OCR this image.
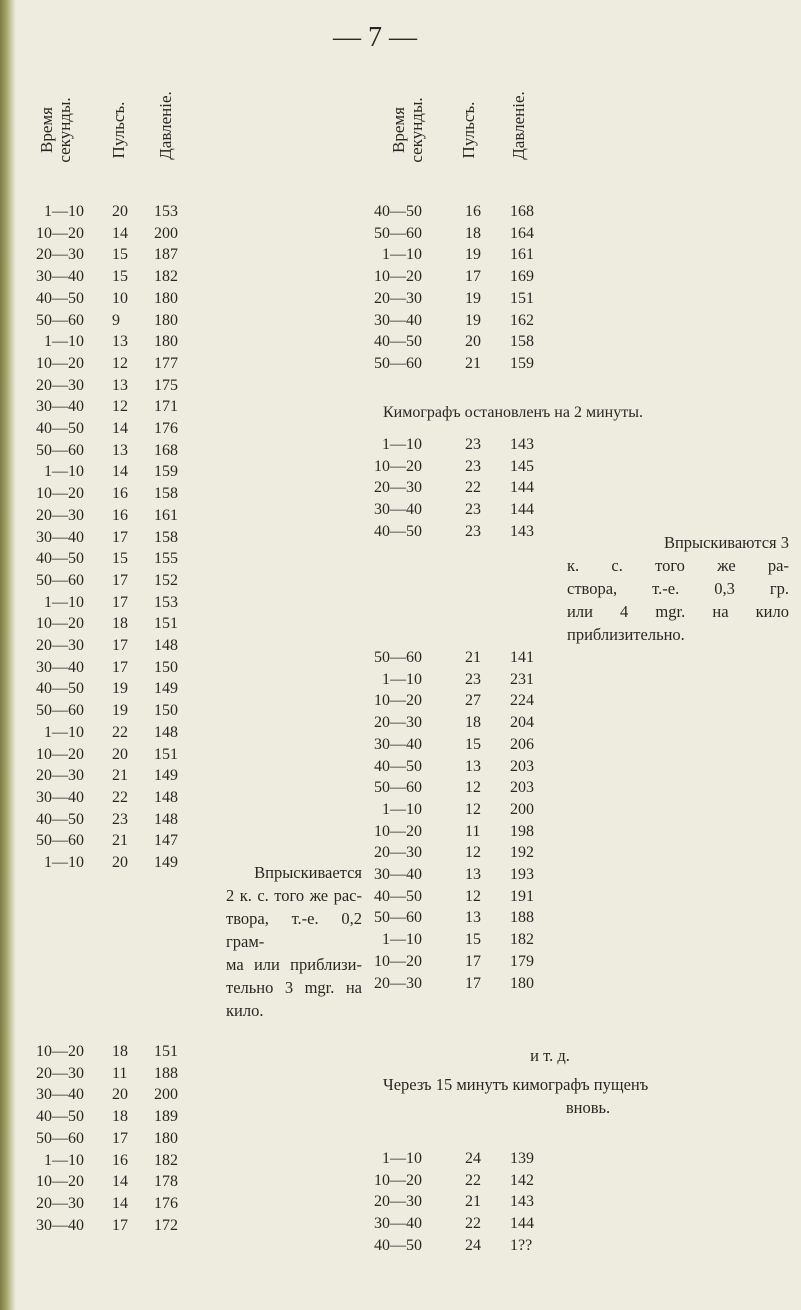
— 7 —
Время секунды. Пульсъ. Давленіе.	Время секунды. Пульсъ. Давленіе.
1—10 20 153
10—20 14 200
20—30 15 187
30—40 15 182
40—50 10 180
50—60 9 180
1—10 13 180
10—20 12 177
20—30 13 175
30—40 12 171
40—50 14 176
50—60 13 168
1—10 14 159
10—20 16 158
20—30 16 161
30—40 17 158
40—50 15 155
50—60 17 152
1—10 17 153
10—20 18 151
20—30 17 148
30—40 17 150
40—50 19 149
50—60 19 150
1—10 22 148
10—20 20 151
20—30 21 149
30—40 22 148
40—50 23 148
50—60 21 147
1—10 20 149
10—20 18 151
20—30 11 188
30—40 20 200
40—50 18 189
50—60 17 180
1—10 16 182
10—20 14 178
20—30 14 176
30—40 17 172
40—50	16 168
50—60	18 164
1—10	19 161
10—20	17 169
20—30	19 151
30—40	19 162
40—50	20 158
50—60	21 159
1—10	23 143
10—20	23 145
20—30	22 144
30—40	23 144
40—50	23 143
50—60	21 141
1—10	23 231
10—20	27 224
20—30	18 204
30—40	15 206
40—50	13 203
50—60	12 203
1—10	12 200
10—20	11 198
20—30	12 192
30—40	13 193
40—50	12 191
50—60	13 188
1—10	15 182
10—20	17 179
20—30	17 180
1—10	24 139
10—20	22 142
20—30	21 143
30—40	22 144
40—50	24 1??
Впрыскивается
2 к. с. того же рас-
твора, т.-е. 0,2 грам-
ма или приблизи-
тельно 3 mgr. на
кило.
Кимографъ остановленъ на 2 минуты.
Впрыскиваются 3
к. с. того же ра-
створа, т.-е. 0,3 гр.
или 4 mgr. на кило
приблизительно.
и т. д.
Черезъ 15 минутъ кимографъ пущенъ
вновь.
